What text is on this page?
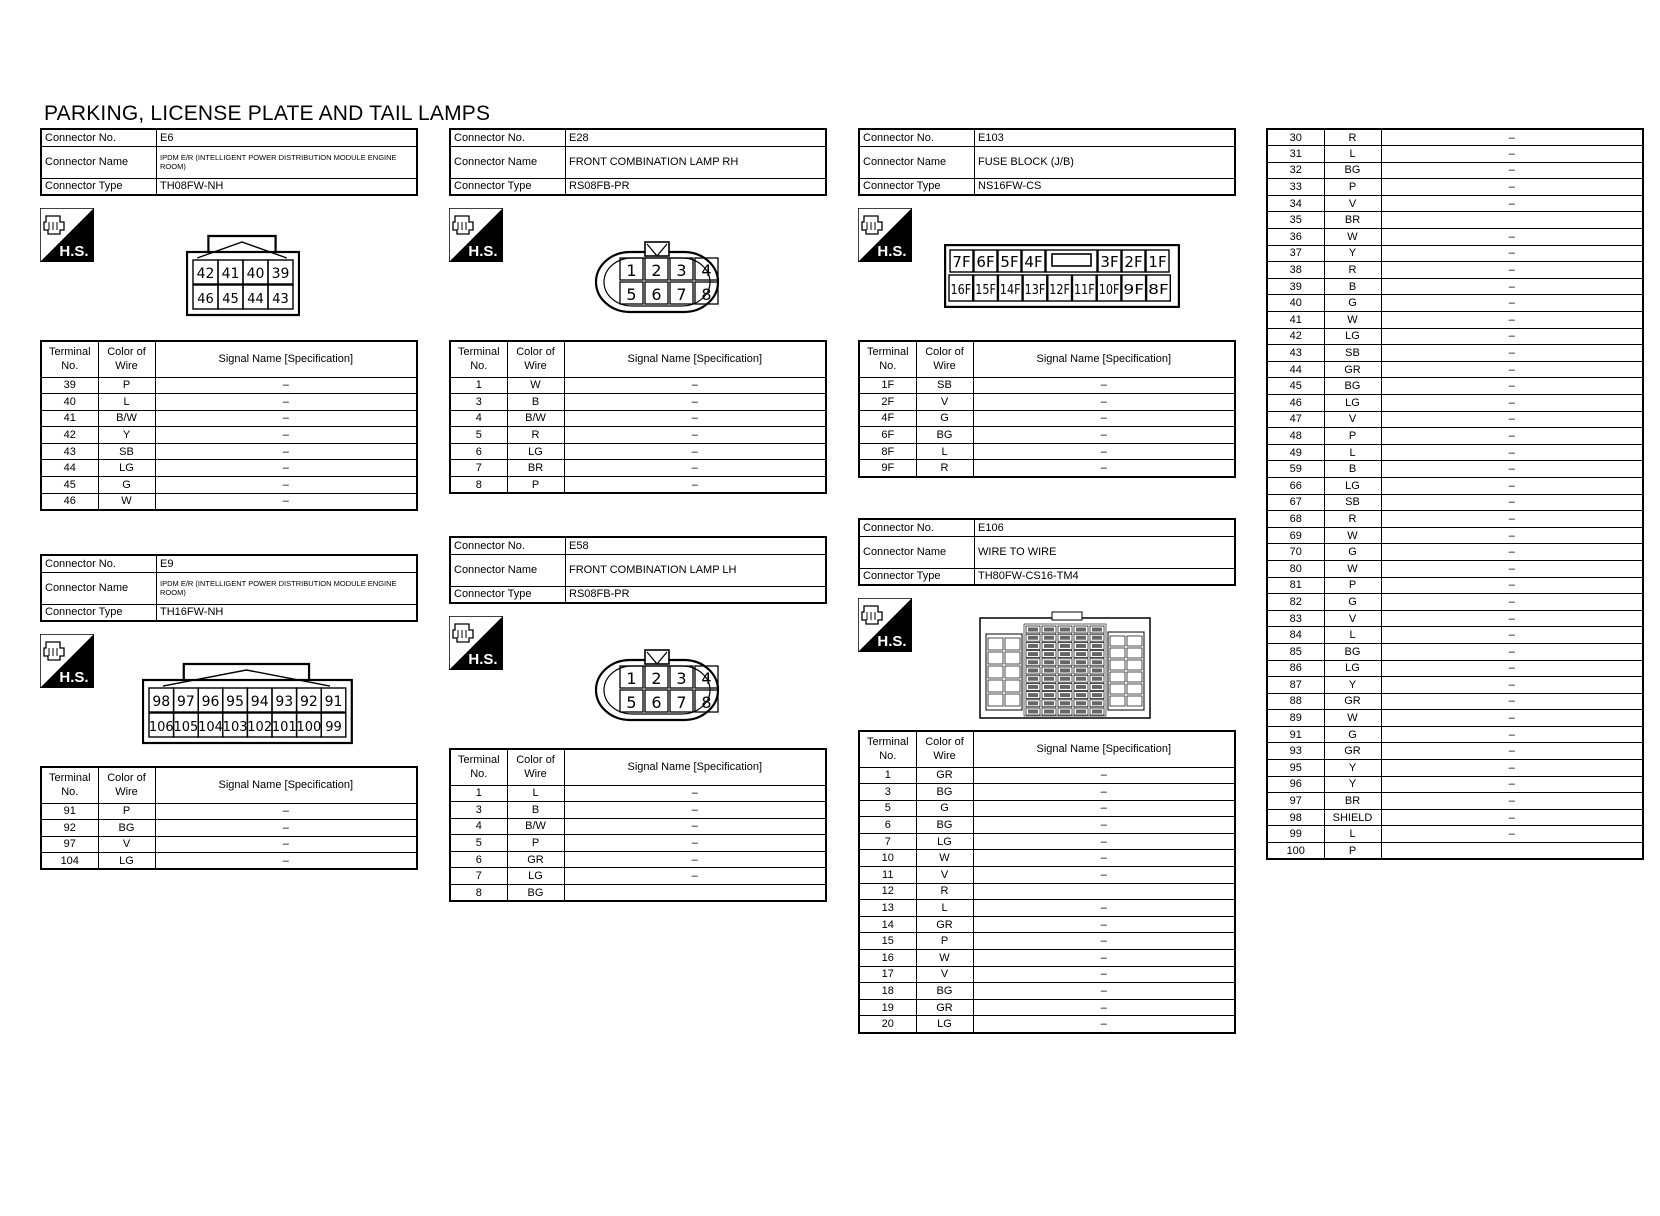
PARKING, LICENSE PLATE AND TAIL LAMPS
Connector No.	E6
Connector Name	IPDM E/R (INTELLIGENT POWER DISTRIBUTION MODULE ENGINE ROOM)
Connector Type	TH08FW-NH
H.S.
42
46
41
45
40
44
39
43
Terminal No.	Color of Wire	Signal Name [Specification]
39	P	–
40	L	–
41	B/W	–
42	Y	–
43	SB	–
44	LG	–
45	G	–
46	W	–
Connector No.	E9
Connector Name	IPDM E/R (INTELLIGENT POWER DISTRIBUTION MODULE ENGINE ROOM)
Connector Type	TH16FW-NH
H.S.
98
106
97
105
96
104
95
103
94
102
93
101
92
100
91
99
Terminal No.	Color of Wire	Signal Name [Specification]
91	P	–
92	BG	–
97	V	–
104	LG	–
Connector No.	E28
Connector Name	FRONT COMBINATION LAMP RH
Connector Type	RS08FB-PR
H.S.
1
5
2
6
3
7
4
8
Terminal No.	Color of Wire	Signal Name [Specification]
1	W	–
3	B	–
4	B/W	–
5	R	–
6	LG	–
7	BR	–
8	P	–
Connector No.	E58
Connector Name	FRONT COMBINATION LAMP LH
Connector Type	RS08FB-PR
H.S.
1
5
2
6
3
7
4
8
Terminal No.	Color of Wire	Signal Name [Specification]
1	L	–
3	B	–
4	B/W	–
5	P	–
6	GR	–
7	LG	–
8	BG	
Connector No.	E103
Connector Name	FUSE BLOCK (J/B)
Connector Type	NS16FW-CS
H.S.
7F 6F 5F 4F	3F 2F 1F
16F 15F 14F 13F 12F 11F 10F 9F 8F
Terminal No.	Color of Wire	Signal Name [Specification]
1F	SB	–
2F	V	–
4F	G	–
6F	BG	–
8F	L	–
9F	R	–
Connector No.	E106
Connector Name	WIRE TO WIRE
Connector Type	TH80FW-CS16-TM4
H.S.
Terminal No.	Color of Wire	Signal Name [Specification]
1	GR	–
3	BG	–
5	G	–
6	BG	–
7	LG	–
10	W	–
11	V	–
12	R	
13	L	–
14	GR	–
15	P	–
16	W	–
17	V	–
18	BG	–
19	GR	–
20	LG	–
30	R	–
31	L	–
32	BG	–
33	P	–
34	V	–
35	BR	
36	W	–
37	Y	–
38	R	–
39	B	–
40	G	–
41	W	–
42	LG	–
43	SB	–
44	GR	–
45	BG	–
46	LG	–
47	V	–
48	P	–
49	L	–
59	B	–
66	LG	–
67	SB	–
68	R	–
69	W	–
70	G	–
80	W	–
81	P	–
82	G	–
83	V	–
84	L	–
85	BG	–
86	LG	–
87	Y	–
88	GR	–
89	W	–
91	G	–
93	GR	–
95	Y	–
96	Y	–
97	BR	–
98	SHIELD	–
99	L	–
100	P	
